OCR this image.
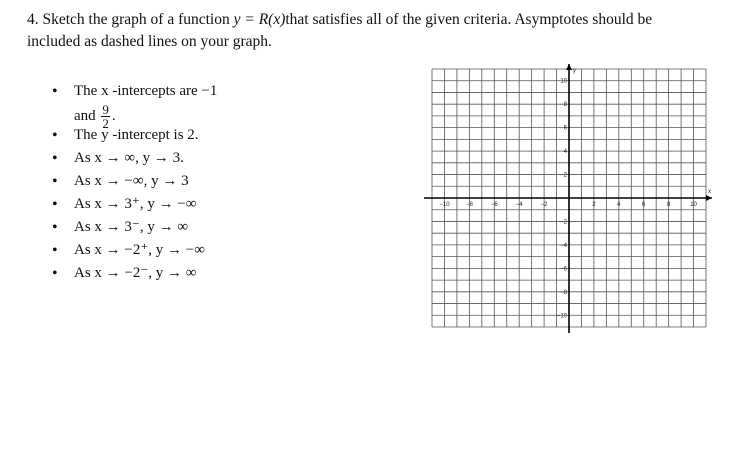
4. Sketch the graph of a function y = R(x)that satisfies all of the given criteria. Asymptotes should be
included as dashed lines on your graph.
• The x -intercepts are −1
and $\frac{9}{2}$ .
• The y -intercept is 2.
• As x → ∞, y → 3.
• As x → −∞, y → 3
• As x → 3⁺, y → −∞
• As x → 3⁻, y → ∞
• As x → −2⁺, y → −∞
• As x → −2⁻, y → ∞
−10	−8	−6	−4	−2	2	4	6	8	10
10
8
6
4
2
−2
−4
−6
−8
−10
x
y
